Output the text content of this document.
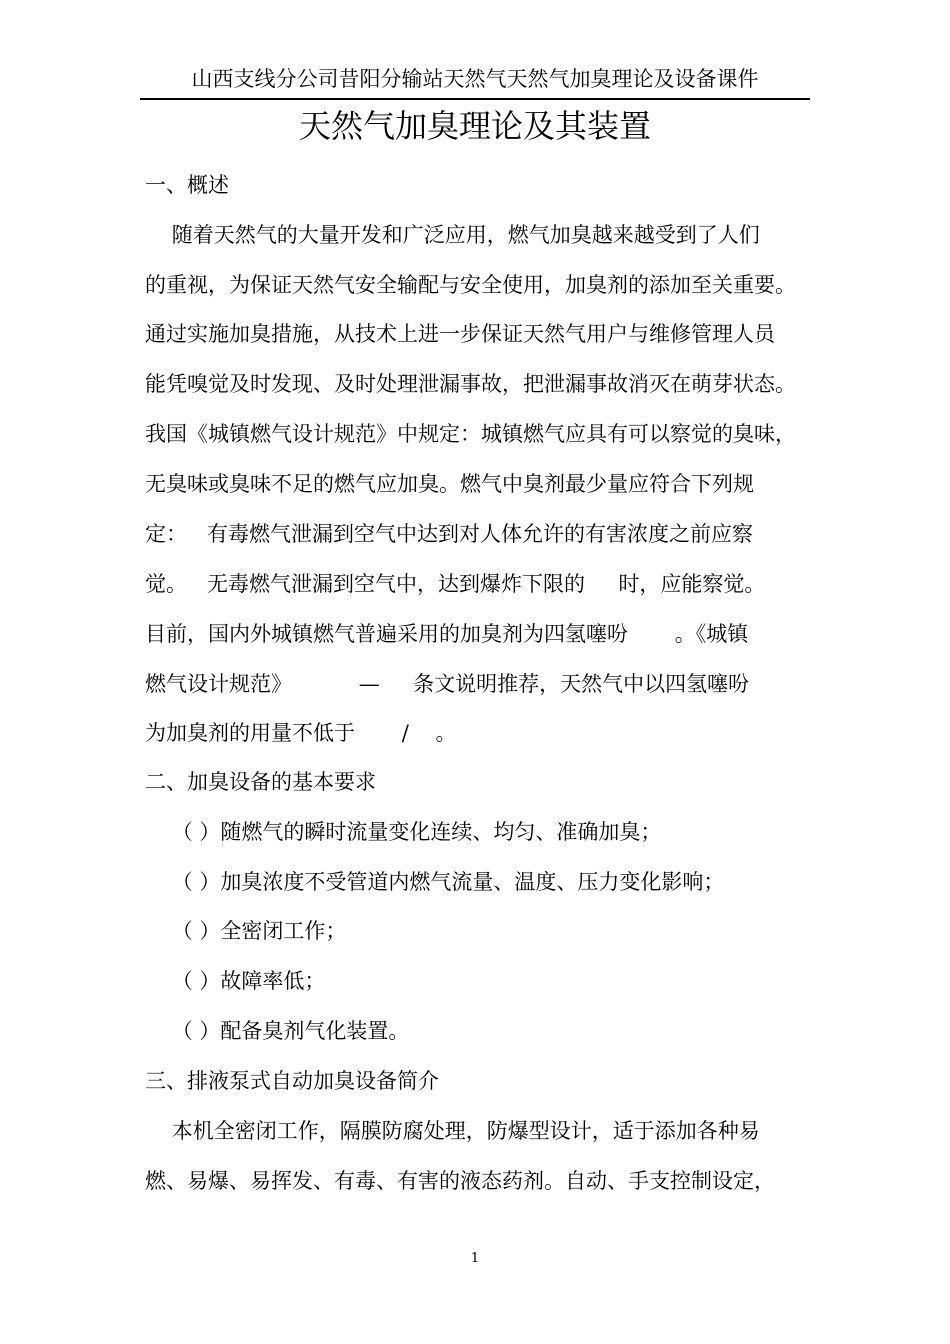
山西支线分公司昔阳分输站天然气天然气加臭理论及设备课件
天然气加臭理论及其装置
一、概述
随着天然气的大量开发和广泛应用，燃气加臭越来越受到了人们
的重视，为保证天然气安全输配与安全使用，加臭剂的添加至关重要。
通过实施加臭措施，从技术上进一步保证天然气用户与维修管理人员
能凭嗅觉及时发现、及时处理泄漏事故，把泄漏事故消灭在萌芽状态。
我国《城镇燃气设计规范》中规定：城镇燃气应具有可以察觉的臭味，
无臭味或臭味不足的燃气应加臭。燃气中臭剂最少量应符合下列规
定：   有毒燃气泄漏到空气中达到对人体允许的有害浓度之前应察
觉。   无毒燃气泄漏到空气中，达到爆炸下限的     时，应能察觉。
目前，国内外城镇燃气普遍采用的加臭剂为四氢噻吩       。《城镇
燃气设计规范》          —     条文说明推荐，天然气中以四氢噻吩
为加臭剂的用量不低于       /    。
二、加臭设备的基本要求
（ ）随燃气的瞬时流量变化连续、均匀、准确加臭；
（ ）加臭浓度不受管道内燃气流量、温度、压力变化影响；
（ ）全密闭工作；
（ ）故障率低；
（ ）配备臭剂气化装置。
三、排液泵式自动加臭设备简介
本机全密闭工作，隔膜防腐处理，防爆型设计，适于添加各种易
燃、易爆、易挥发、有毒、有害的液态药剂。自动、手支控制设定，
1
